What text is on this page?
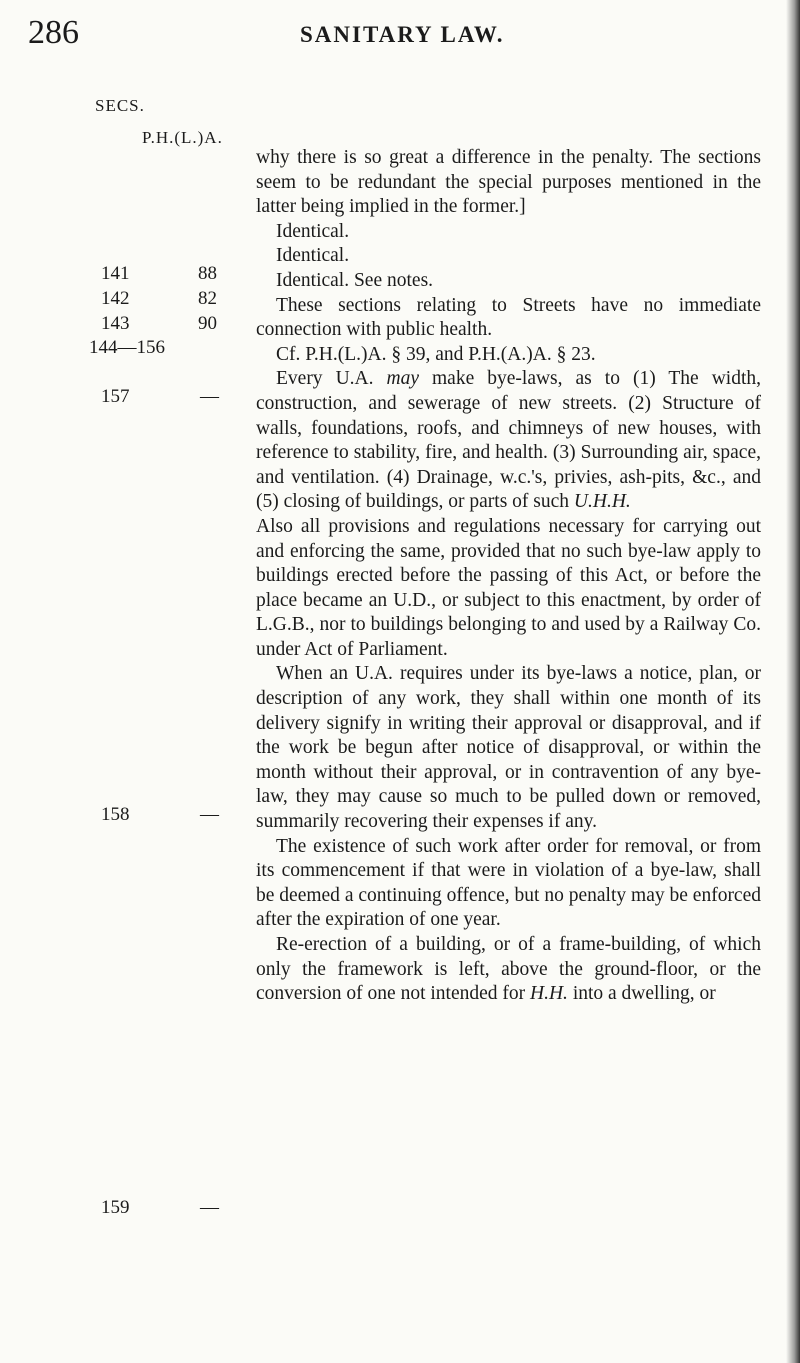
286	SANITARY LAW.
SECS.
P.H.(L.)A.
141	88
142	82
143	90
144—156
157	—
158	—
159	—

why there is so great a difference in the penalty. The sections seem to be redundant the special purposes mentioned in the latter being implied in the former.]

Identical.

Identical.

Identical. See notes.

These sections relating to Streets have no immediate connection with public health.

Cf. P.H.(L.)A. § 39, and P.H.(A.)A. § 23.

Every U.A. may make bye-laws, as to (1) The width, construction, and sewerage of new streets. (2) Structure of walls, foundations, roofs, and chimneys of new houses, with reference to stability, fire, and health. (3) Surrounding air, space, and ventilation. (4) Drainage, w.c.'s, privies, ash-pits, &c., and (5) closing of buildings, or parts of such U.H.H.

Also all provisions and regulations necessary for carrying out and enforcing the same, provided that no such bye-law apply to buildings erected before the passing of this Act, or before the place became an U.D., or subject to this enactment, by order of L.G.B., nor to buildings belonging to and used by a Railway Co. under Act of Parliament.

When an U.A. requires under its bye-laws a notice, plan, or description of any work, they shall within one month of its delivery signify in writing their approval or disapproval, and if the work be begun after notice of disapproval, or within the month without their approval, or in contravention of any bye-law, they may cause so much to be pulled down or removed, summarily recovering their expenses if any.

The existence of such work after order for removal, or from its commencement if that were in violation of a bye-law, shall be deemed a continuing offence, but no penalty may be enforced after the expiration of one year.

Re-erection of a building, or of a frame-building, of which only the framework is left, above the ground-floor, or the conversion of one not intended for H.H. into a dwelling, or
